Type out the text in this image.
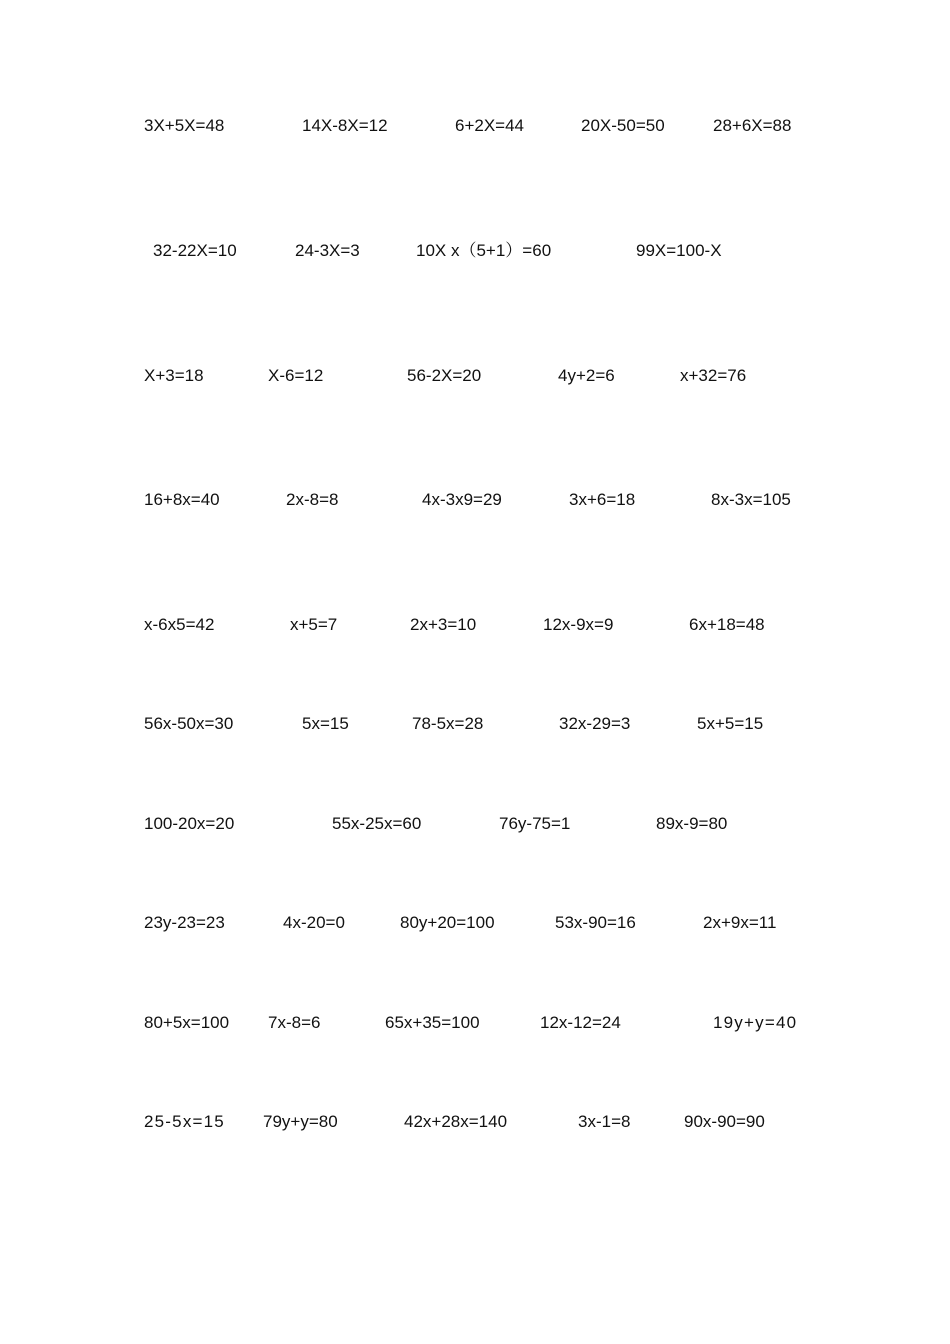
3X+5X=48	14X-8X=12	6+2X=44	20X-50=50	28+6X=88
32-22X=10	24-3X=3	10X x（5+1）=60	99X=100-X
X+3=18	X-6=12	56-2X=20	4y+2=6	x+32=76
16+8x=40	2x-8=8	4x-3x9=29	3x+6=18	8x-3x=105
x-6x5=42	x+5=7	2x+3=10	12x-9x=9	6x+18=48
56x-50x=30	5x=15	78-5x=28	32x-29=3	5x+5=15
100-20x=20	55x-25x=60	76y-75=1	89x-9=80
23y-23=23	4x-20=0	80y+20=100	53x-90=16	2x+9x=11
80+5x=100 7x-8=6	65x+35=100	12x-12=24	19y+y=40
25-5x=15 79y+y=80	42x+28x=140	3x-1=8	90x-90=90
